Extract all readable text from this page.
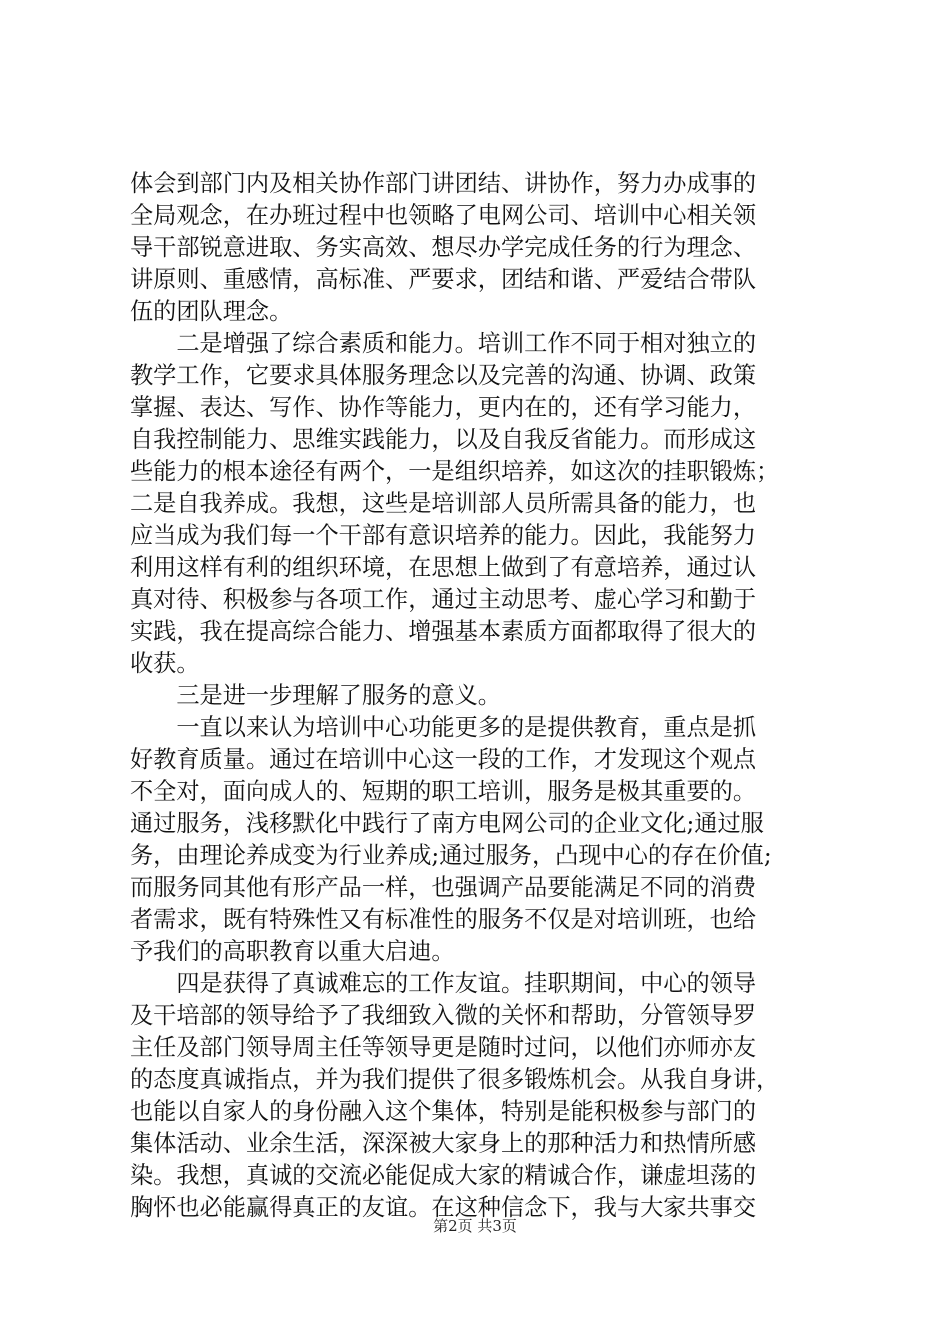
体会到部门内及相关协作部门讲团结、讲协作，努力办成事的
全局观念，在办班过程中也领略了电网公司、培训中心相关领
导干部锐意进取、务实高效、想尽办学完成任务的行为理念、
讲原则、重感情，高标准、严要求，团结和谐、严爱结合带队
伍的团队理念。
　　二是增强了综合素质和能力。培训工作不同于相对独立的
教学工作，它要求具体服务理念以及完善的沟通、协调、政策
掌握、表达、写作、协作等能力，更内在的，还有学习能力，
自我控制能力、思维实践能力，以及自我反省能力。而形成这
些能力的根本途径有两个，一是组织培养，如这次的挂职锻炼；
二是自我养成。我想，这些是培训部人员所需具备的能力，也
应当成为我们每一个干部有意识培养的能力。因此，我能努力
利用这样有利的组织环境，在思想上做到了有意培养，通过认
真对待、积极参与各项工作，通过主动思考、虚心学习和勤于
实践，我在提高综合能力、增强基本素质方面都取得了很大的
收获。
　　三是进一步理解了服务的意义。
　　一直以来认为培训中心功能更多的是提供教育，重点是抓
好教育质量。通过在培训中心这一段的工作，才发现这个观点
不全对，面向成人的、短期的职工培训，服务是极其重要的。
通过服务，浅移默化中践行了南方电网公司的企业文化;通过服
务，由理论养成变为行业养成;通过服务，凸现中心的存在价值;
而服务同其他有形产品一样，也强调产品要能满足不同的消费
者需求，既有特殊性又有标准性的服务不仅是对培训班，也给
予我们的高职教育以重大启迪。
　　四是获得了真诚难忘的工作友谊。挂职期间，中心的领导
及干培部的领导给予了我细致入微的关怀和帮助，分管领导罗
主任及部门领导周主任等领导更是随时过问，以他们亦师亦友
的态度真诚指点，并为我们提供了很多锻炼机会。从我自身讲，
也能以自家人的身份融入这个集体，特别是能积极参与部门的
集体活动、业余生活，深深被大家身上的那种活力和热情所感
染。我想，真诚的交流必能促成大家的精诚合作，谦虚坦荡的
胸怀也必能赢得真正的友谊。在这种信念下，我与大家共事交
第2页 共3页
